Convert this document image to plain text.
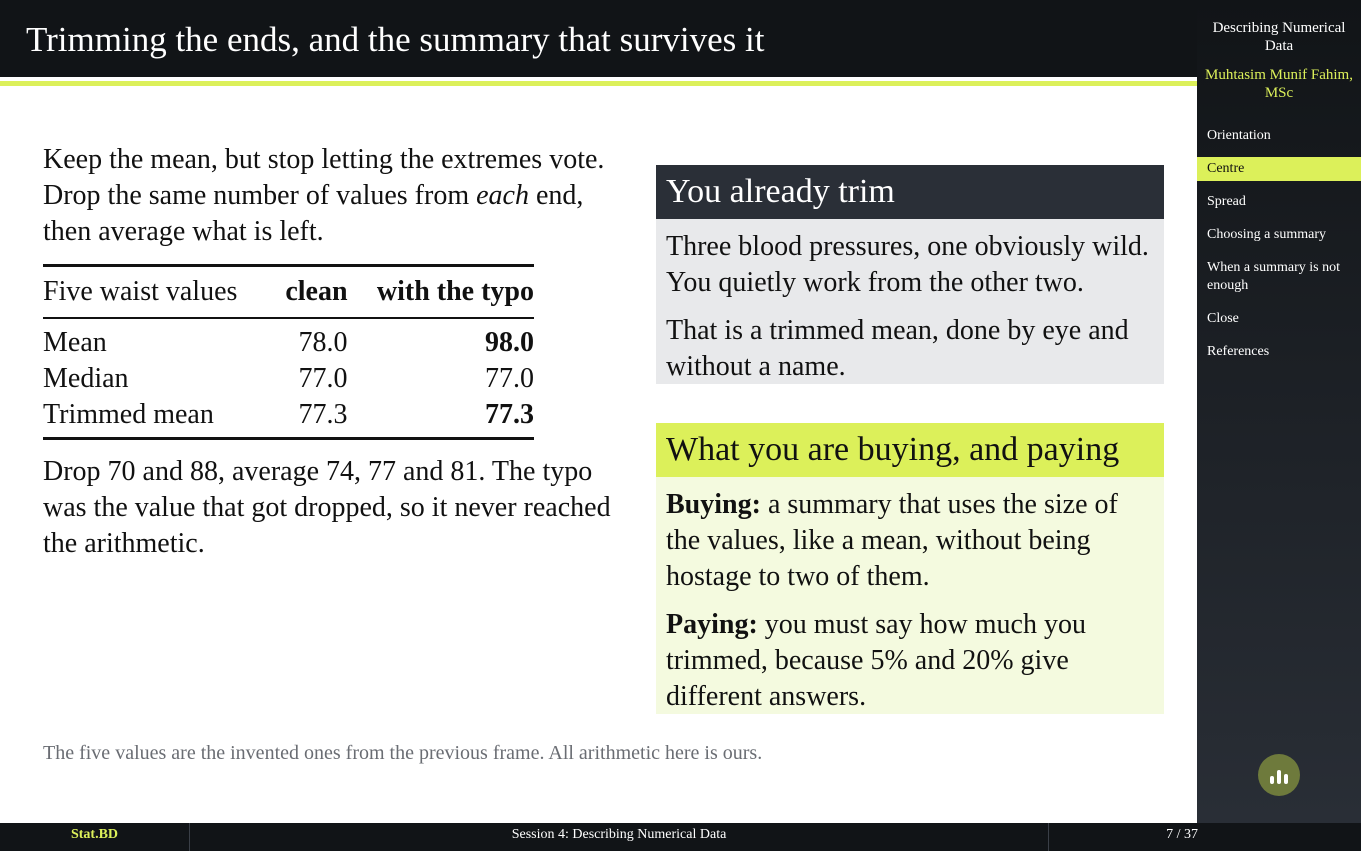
Trimming the ends, and the summary that survives it
Keep the mean, but stop letting the extremes vote. Drop the same number of values from each end, then average what is left.
Five waist values	clean	with the typo
Mean	78.0	98.0
Median	77.0	77.0
Trimmed mean	77.3	77.3
Drop 70 and 88, average 74, 77 and 81. The typo was the value that got dropped, so it never reached the arithmetic.
You already trim

Three blood pressures, one obviously wild. You quietly work from the other two.

That is a trimmed mean, done by eye and without a name.

What you are buying, and paying

Buying: a summary that uses the size of the values, like a mean, without being hostage to two of them.

Paying: you must say how much you trimmed, because 5% and 20% give different answers.

The five values are the invented ones from the previous frame. All arithmetic here is ours.
Describing Numerical Data
Muhtasim Munif Fahim, MSc
Orientation
Centre
Spread
Choosing a summary
When a summary is not enough
Close
References
Stat.BD	Session 4: Describing Numerical Data	7 / 37
